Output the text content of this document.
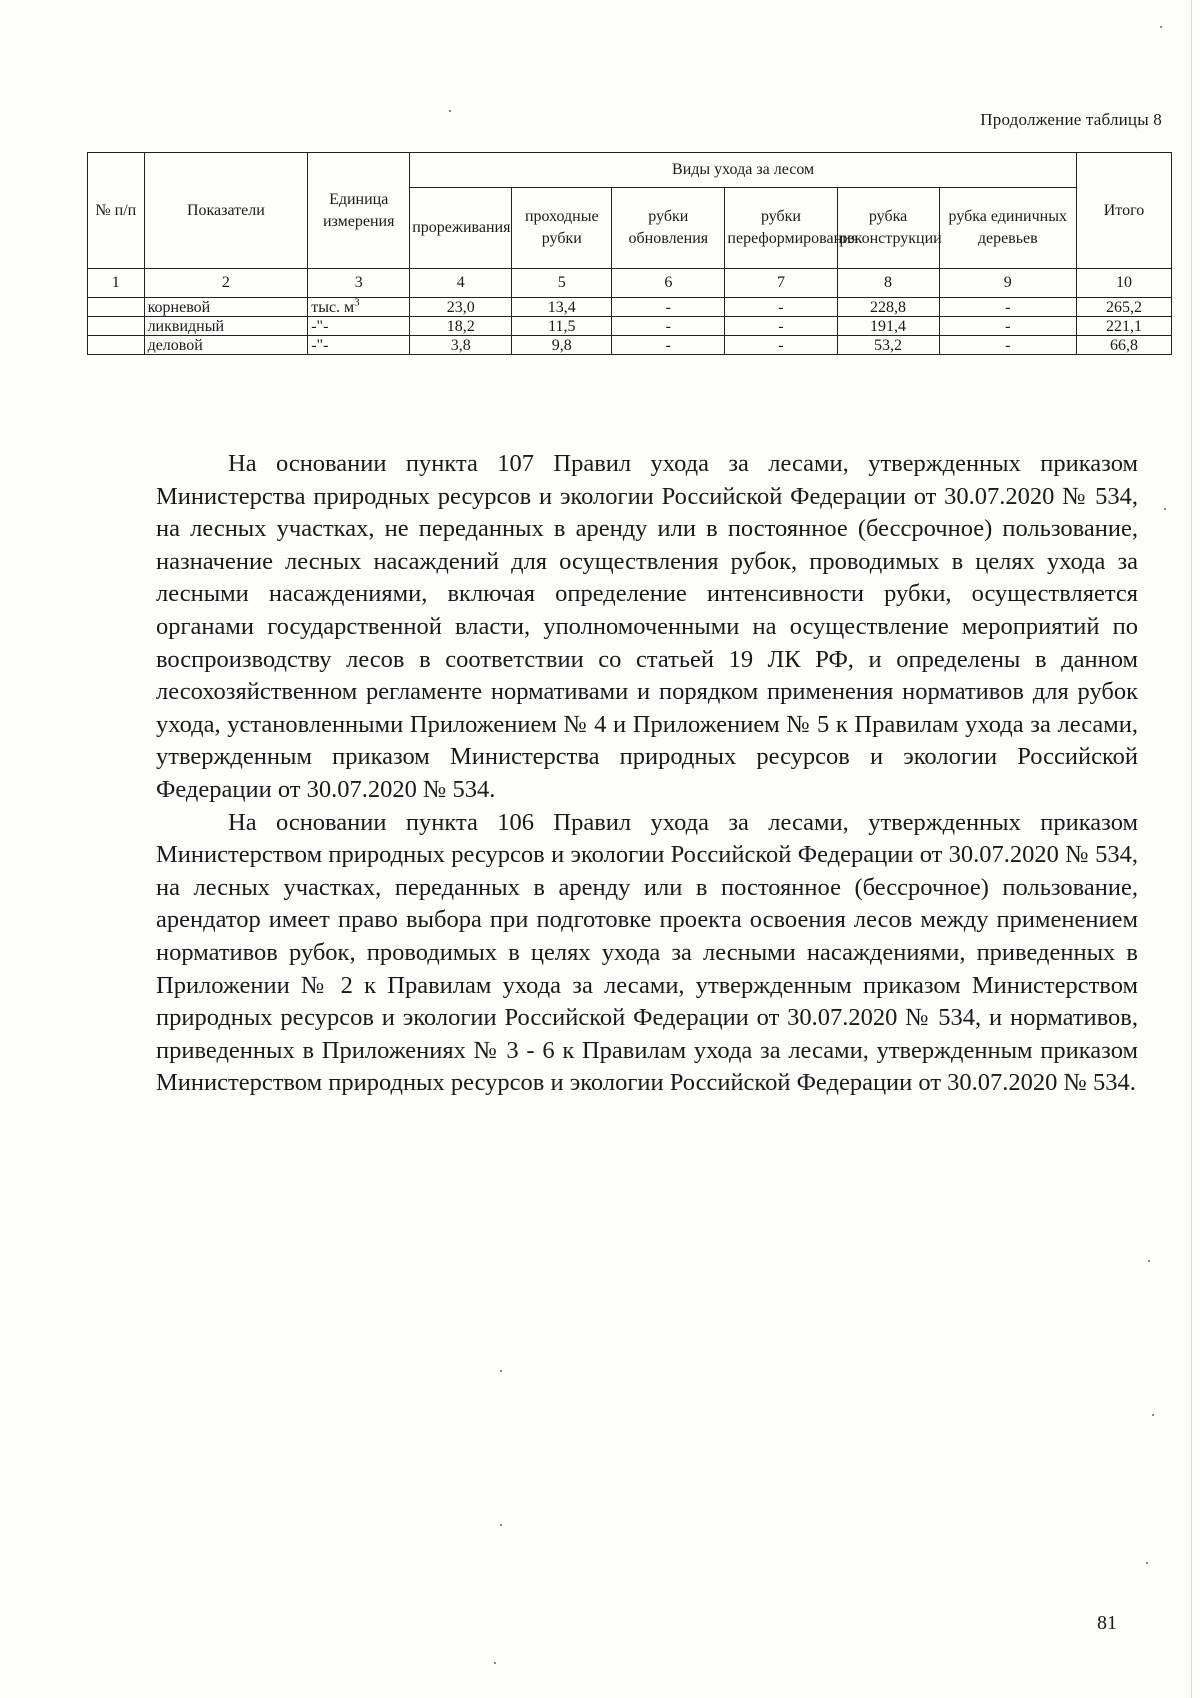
Продолжение таблицы 8
№ п/п	Показатели	Единица измерения	Виды ухода за лесом						Итого
			прореживания	проходные рубки	рубки обновления	рубки переформирования	рубка реконструкции	рубка единичных деревьев	
1	2	3	4	5	6	7	8	9	10
	корневой	тыс. $м^3$	23,0	13,4	-	-	228,8	-	265,2
	ликвидный	-"-	18,2	11,5	-	-	191,4	-	221,1
	деловой	-"-	3,8	9,8	-	-	53,2	-	66,8

На основании пункта 107 Правил ухода за лесами, утвержденных приказом Министерства природных ресурсов и экологии Российской Федерации от 30.07.2020 № 534, на лесных участках, не переданных в аренду или в постоянное (бессрочное) пользование, назначение лесных насаждений для осуществления рубок, проводимых в целях ухода за лесными насаждениями, включая определение интенсивности рубки, осуществляется органами государственной власти, уполномоченными на осуществление мероприятий по воспроизводству лесов в соответствии со статьей 19 ЛК РФ, и определены в данном лесохозяйственном регламенте нормативами и порядком применения нормативов для рубок ухода, установленными Приложением № 4 и Приложением № 5 к Правилам ухода за лесами, утвержденным приказом Министерства природных ресурсов и экологии Российской Федерации от 30.07.2020 № 534.

На основании пункта 106 Правил ухода за лесами, утвержденных приказом Министерством природных ресурсов и экологии Российской Федерации от 30.07.2020 № 534, на лесных участках, переданных в аренду или в постоянное (бессрочное) пользование, арендатор имеет право выбора при подготовке проекта освоения лесов между применением нормативов рубок, проводимых в целях ухода за лесными насаждениями, приведенных в Приложении № 2 к Правилам ухода за лесами, утвержденным приказом Министерством природных ресурсов и экологии Российской Федерации от 30.07.2020 № 534, и нормативов, приведенных в Приложениях № 3 - 6 к Правилам ухода за лесами, утвержденным приказом Министерством природных ресурсов и экологии Российской Федерации от 30.07.2020 № 534.

81
